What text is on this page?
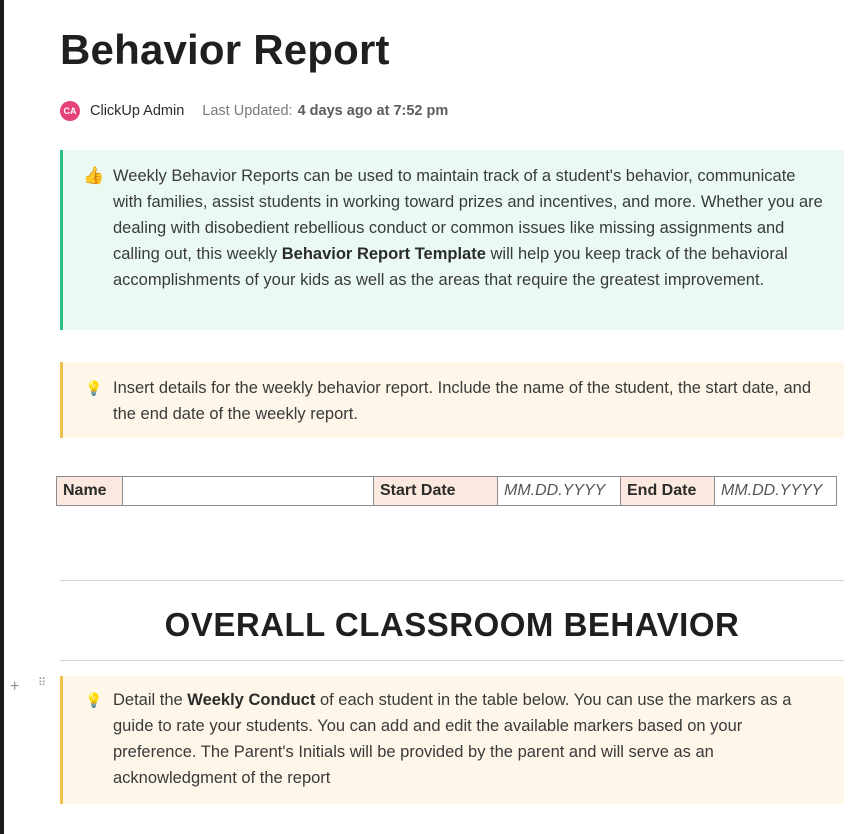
Behavior Report
CA ClickUp Admin Last Updated: 4 days ago at 7:52 pm
👍 Weekly Behavior Reports can be used to maintain track of a student's behavior, communicate with families, assist students in working toward prizes and incentives, and more. Whether you are dealing with disobedient rebellious conduct or common issues like missing assignments and calling out, this weekly Behavior Report Template will help you keep track of the behavioral accomplishments of your kids as well as the areas that require the greatest improvement.
💡 Insert details for the weekly behavior report. Include the name of the student, the start date, and the end date of the weekly report.
Name		Start Date	MM.DD.YYYY	End Date	MM.DD.YYYY
OVERALL CLASSROOM BEHAVIOR
+ ⠿
💡 Detail the Weekly Conduct of each student in the table below. You can use the markers as a guide to rate your students. You can add and edit the available markers based on your preference. The Parent's Initials will be provided by the parent and will serve as an acknowledgment of the report
